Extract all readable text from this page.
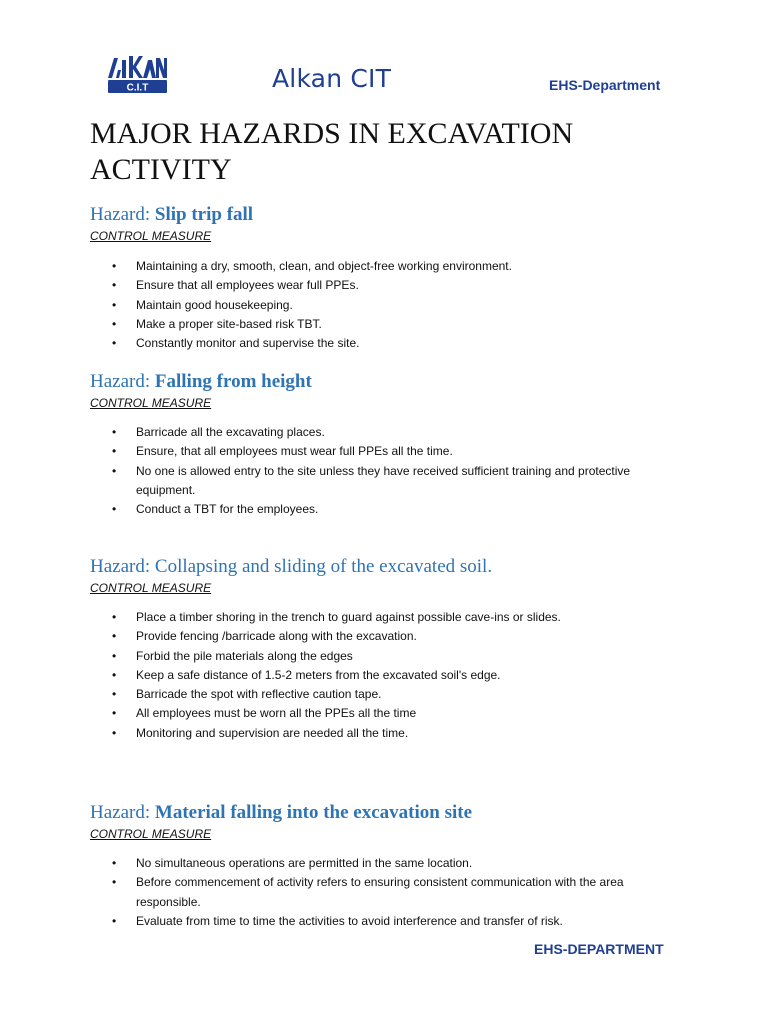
C.I.T	Alkan CIT	EHS-Department
MAJOR HAZARDS IN EXCAVATION ACTIVITY
Hazard: Slip trip fall
CONTROL MEASURE
• Maintaining a dry, smooth, clean, and object-free working environment.
• Ensure that all employees wear full PPEs.
• Maintain good housekeeping.
• Make a proper site-based risk TBT.
• Constantly monitor and supervise the site.
Hazard: Falling from height
CONTROL MEASURE
• Barricade all the excavating places.
• Ensure, that all employees must wear full PPEs all the time.
• No one is allowed entry to the site unless they have received sufficient training and protective equipment.
• Conduct a TBT for the employees.
Hazard: Collapsing and sliding of the excavated soil.
CONTROL MEASURE
• Place a timber shoring in the trench to guard against possible cave-ins or slides.
• Provide fencing /barricade along with the excavation.
• Forbid the pile materials along the edges
• Keep a safe distance of 1.5-2 meters from the excavated soil's edge.
• Barricade the spot with reflective caution tape.
• All employees must be worn all the PPEs all the time
• Monitoring and supervision are needed all the time.
Hazard: Material falling into the excavation site
CONTROL MEASURE
• No simultaneous operations are permitted in the same location.
• Before commencement of activity refers to ensuring consistent communication with the area responsible.
• Evaluate from time to time the activities to avoid interference and transfer of risk.
EHS-DEPARTMENT
